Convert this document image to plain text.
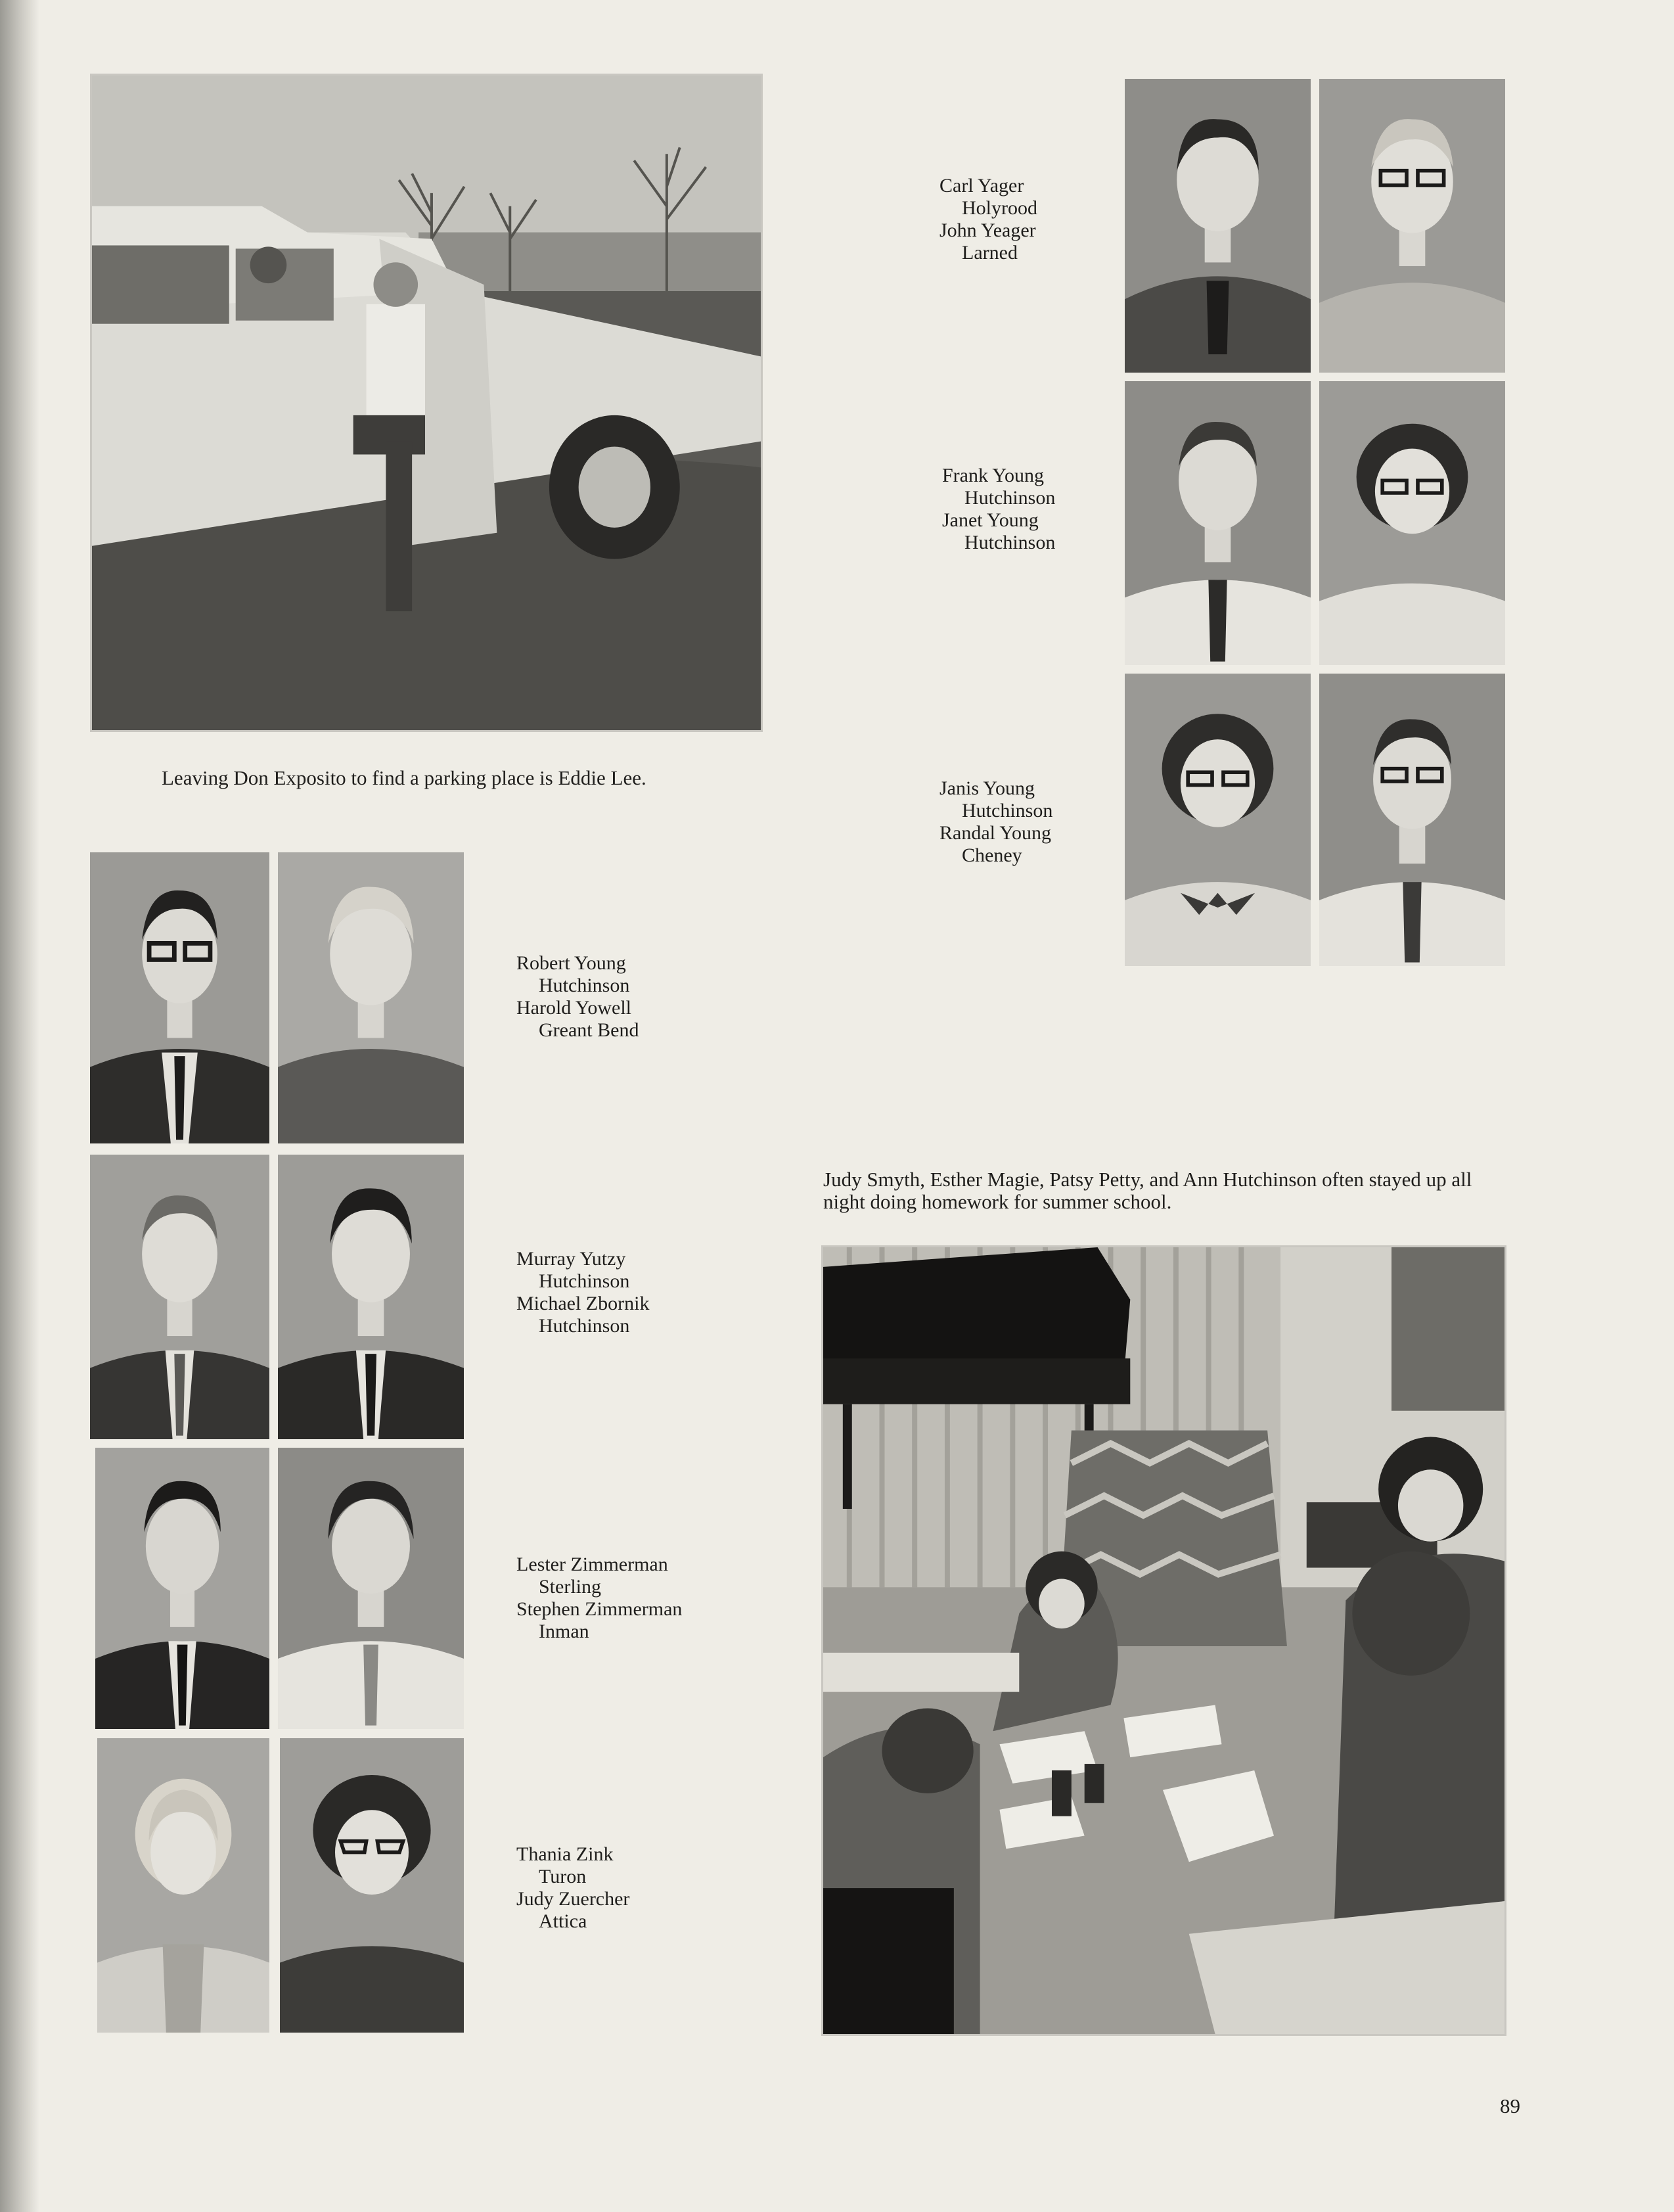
Leaving Don Exposito to find a parking place is Eddie Lee.
Carl Yager
Holyrood
John Yeager
Larned
Frank Young
Hutchinson
Janet Young
Hutchinson
Janis Young
Hutchinson
Randal Young
Cheney
Robert Young
Hutchinson
Harold Yowell
Greant Bend
Murray Yutzy
Hutchinson
Michael Zbornik
Hutchinson
Lester Zimmerman
Sterling
Stephen Zimmerman
Inman
Thania Zink
Turon
Judy Zuercher
Attica
Judy Smyth, Esther Magie, Patsy Petty, and Ann Hutchinson often stayed up all night doing homework for summer school.
89
